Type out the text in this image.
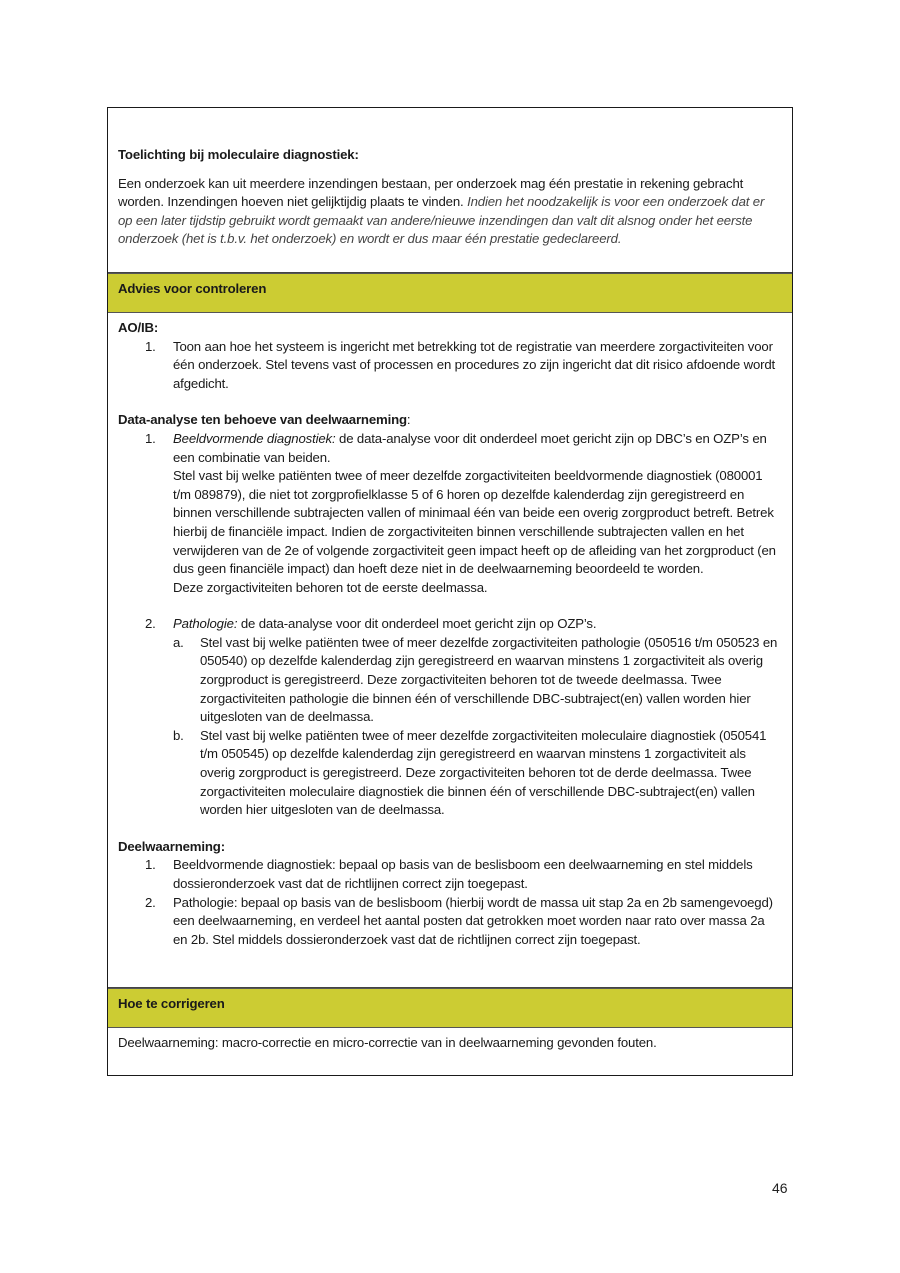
Toelichting bij moleculaire diagnostiek:

Een onderzoek kan uit meerdere inzendingen bestaan, per onderzoek mag één prestatie in rekening gebracht worden. Inzendingen hoeven niet gelijktijdig plaats te vinden. Indien het noodzakelijk is voor een onderzoek dat er op een later tijdstip gebruikt wordt gemaakt van andere/nieuwe inzendingen dan valt dit alsnog onder het eerste onderzoek (het is t.b.v. het onderzoek) en wordt er dus maar één prestatie gedeclareerd.

Advies voor controleren

AO/IB:

1. Toon aan hoe het systeem is ingericht met betrekking tot de registratie van meerdere zorgactiviteiten voor één onderzoek. Stel tevens vast of processen en procedures zo zijn ingericht dat dit risico afdoende wordt afgedicht.

Data-analyse ten behoeve van deelwaarneming:

1. Beeldvormende diagnostiek: de data-analyse voor dit onderdeel moet gericht zijn op DBC’s en OZP’s en een combinatie van beiden.
Stel vast bij welke patiënten twee of meer dezelfde zorgactiviteiten beeldvormende diagnostiek (080001 t/m 089879), die niet tot zorgprofielklasse 5 of 6 horen op dezelfde kalenderdag zijn geregistreerd en binnen verschillende subtrajecten vallen of minimaal één van beide een overig zorgproduct betreft. Betrek hierbij de financiële impact. Indien de zorgactiviteiten binnen verschillende subtrajecten vallen en het verwijderen van de 2e of volgende zorgactiviteit geen impact heeft op de afleiding van het zorgproduct (en dus geen financiële impact) dan hoeft deze niet in de deelwaarneming beoordeeld te worden.
Deze zorgactiviteiten behoren tot de eerste deelmassa.
2. Pathologie: de data-analyse voor dit onderdeel moet gericht zijn op OZP’s.
a. Stel vast bij welke patiënten twee of meer dezelfde zorgactiviteiten pathologie (050516 t/m 050523 en 050540) op dezelfde kalenderdag zijn geregistreerd en waarvan minstens 1 zorgactiviteit als overig zorgproduct is geregistreerd. Deze zorgactiviteiten behoren tot de tweede deelmassa. Twee zorgactiviteiten pathologie die binnen één of verschillende DBC-subtraject(en) vallen worden hier uitgesloten van de deelmassa.
b. Stel vast bij welke patiënten twee of meer dezelfde zorgactiviteiten moleculaire diagnostiek (050541 t/m 050545) op dezelfde kalenderdag zijn geregistreerd en waarvan minstens 1 zorgactiviteit als overig zorgproduct is geregistreerd. Deze zorgactiviteiten behoren tot de derde deelmassa. Twee zorgactiviteiten moleculaire diagnostiek die binnen één of verschillende DBC-subtraject(en) vallen worden hier uitgesloten van de deelmassa.

Deelwaarneming:

1. Beeldvormende diagnostiek: bepaal op basis van de beslisboom een deelwaarneming en stel middels dossieronderzoek vast dat de richtlijnen correct zijn toegepast.
2. Pathologie: bepaal op basis van de beslisboom (hierbij wordt de massa uit stap 2a en 2b samengevoegd) een deelwaarneming, en verdeel het aantal posten dat getrokken moet worden naar rato over massa 2a en 2b. Stel middels dossieronderzoek vast dat de richtlijnen correct zijn toegepast.
Hoe te corrigeren
Deelwaarneming: macro-correctie en micro-correctie van in deelwaarneming gevonden fouten.
46
